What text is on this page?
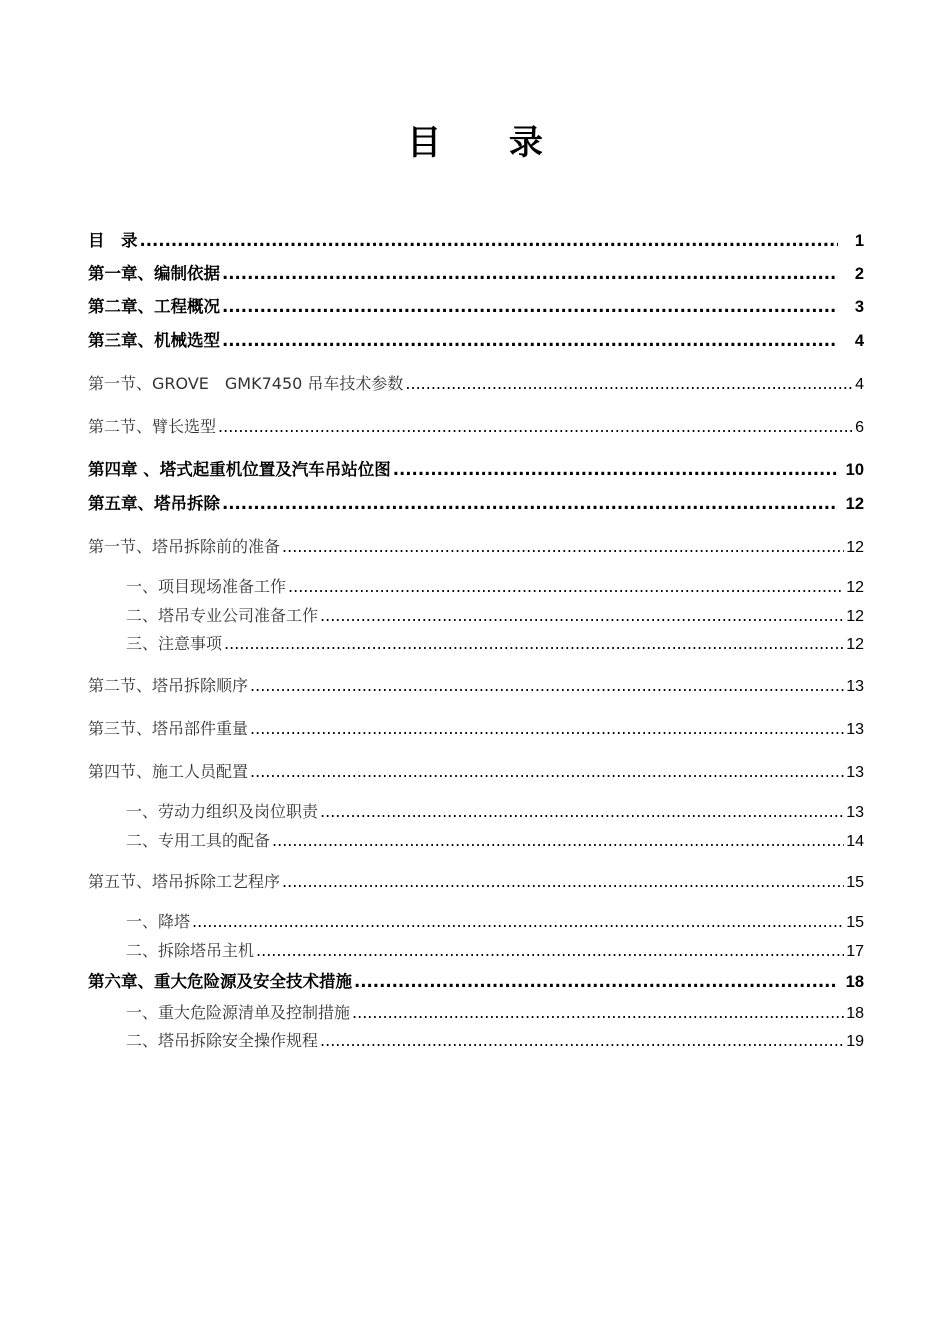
目 录
目　录 .....	1
第一章、编制依据 .....	2
第二章、工程概况 .....	3
第三章、机械选型 .....	4
第一节、GROVE　GMK7450 吊车技术参数 .....	4
第二节、臂长选型 .....	6
第四章 、塔式起重机位置及汽车吊站位图 .....	10
第五章、塔吊拆除 .....	12
第一节、塔吊拆除前的准备 .....	12
一、项目现场准备工作 .....	12
二、塔吊专业公司准备工作 .....	12
三、注意事项 .....	12
第二节、塔吊拆除顺序 .....	13
第三节、塔吊部件重量 .....	13
第四节、施工人员配置 .....	13
一、劳动力组织及岗位职责 .....	13
二、专用工具的配备 .....	14
第五节、塔吊拆除工艺程序 .....	15
一、降塔 .....	15
二、拆除塔吊主机 .....	17
第六章、重大危险源及安全技术措施 .....	18
一、重大危险源清单及控制措施 .....	18
二、塔吊拆除安全操作规程 .....	19
